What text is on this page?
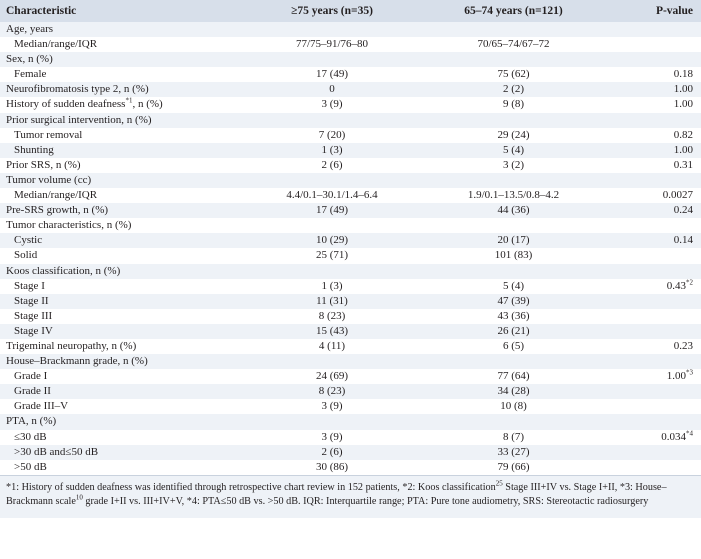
Characteristic	≥75 years (n=35)	65–74 years (n=121)	P-value
Age, years			
Median/range/IQR	77/75–91/76–80	70/65–74/67–72	
Sex, n (%)			
Female	17 (49)	75 (62)	0.18
Neurofibromatosis type 2, n (%)	0	2 (2)	1.00
History of sudden deafness$^{*1}$, n (%)	3 (9)	9 (8)	1.00
Prior surgical intervention, n (%)			
Tumor removal	7 (20)	29 (24)	0.82
Shunting	1 (3)	5 (4)	1.00
Prior SRS, n (%)	2 (6)	3 (2)	0.31
Tumor volume (cc)			
Median/range/IQR	4.4/0.1–30.1/1.4–6.4	1.9/0.1–13.5/0.8–4.2	0.0027
Pre-SRS growth, n (%)	17 (49)	44 (36)	0.24
Tumor characteristics, n (%)			
Cystic	10 (29)	20 (17)	0.14
Solid	25 (71)	101 (83)	
Koos classification, n (%)			
Stage I	1 (3)	5 (4)	0.43$^{*2}$
Stage II	11 (31)	47 (39)	
Stage III	8 (23)	43 (36)	
Stage IV	15 (43)	26 (21)	
Trigeminal neuropathy, n (%)	4 (11)	6 (5)	0.23
House–Brackmann grade, n (%)			
Grade I	24 (69)	77 (64)	1.00$^{*3}$
Grade II	8 (23)	34 (28)	
Grade III–V	3 (9)	10 (8)	
PTA, n (%)			
≤30 dB	3 (9)	8 (7)	$0.034^{*4}$
>30 dB and≤50 dB	2 (6)	33 (27)	
>50 dB	30 (86)	79 (66)	
*1: History of sudden deafness was identified through retrospective chart review in 152 patients, *2: Koos classification$^{25}$ Stage III+IV vs. Stage I+II, *3: House–Brackmann scale$^{10}$ grade I+II vs. III+IV+V, *4: PTA≤50 dB vs. >50 dB. IQR: Interquartile range; PTA: Pure tone audiometry, SRS: Stereotactic radiosurgery
